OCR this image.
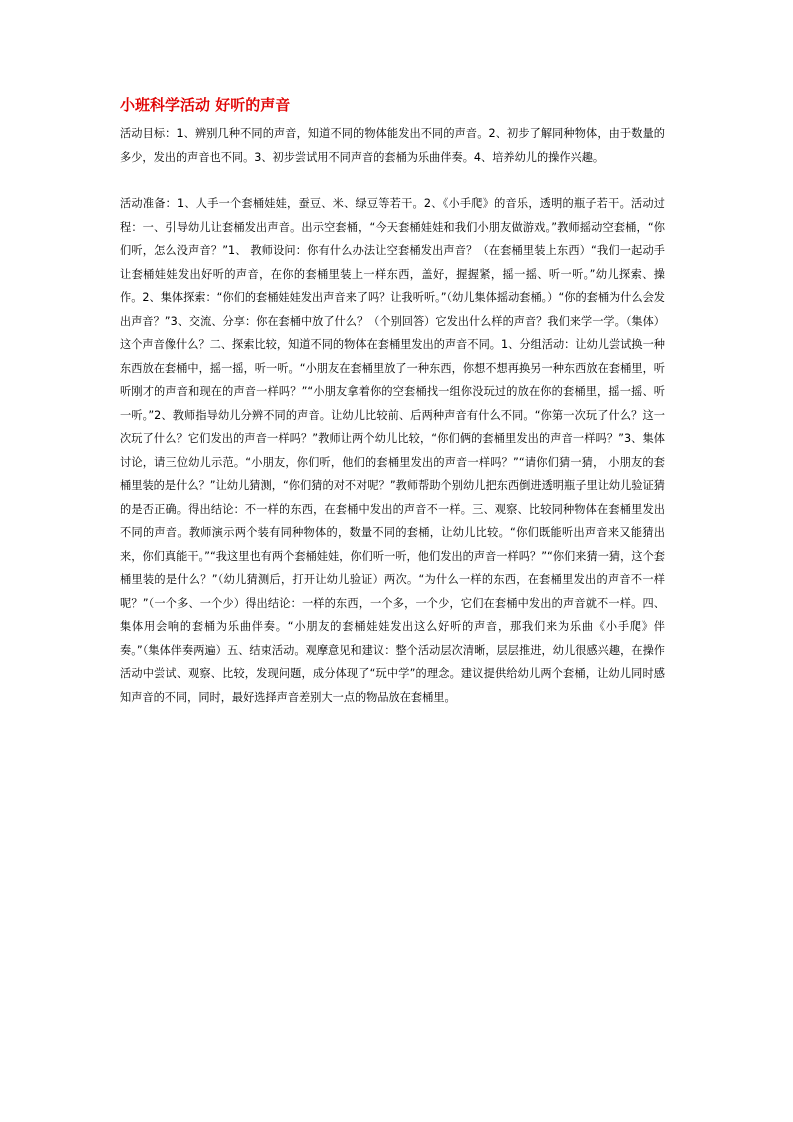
小班科学活动 好听的声音

活动目标：1、辨别几种不同的声音，知道不同的物体能发出不同的声音。2、初步了解同种物体，由于数量的多少，发出的声音也不同。3、初步尝试用不同声音的套桶为乐曲伴奏。4、培养幼儿的操作兴趣。

活动准备：1、人手一个套桶娃娃，蚕豆、米、绿豆等若干。2、《小手爬》的音乐，透明的瓶子若干。活动过程：一、引导幼儿让套桶发出声音。出示空套桶，“今天套桶娃娃和我们小朋友做游戏。”教师摇动空套桶，“你们听，怎么没声音？”1、 教师设问：你有什么办法让空套桶发出声音？（在套桶里装上东西）“我们一起动手让套桶娃娃发出好听的声音，在你的套桶里装上一样东西，盖好，握握紧，摇一摇、听一听。”幼儿探索、操作。2、集体探索：“你们的套桶娃娃发出声音来了吗？让我听听。”（幼儿集体摇动套桶。）“你的套桶为什么会发出声音？”3、交流、分享：你在套桶中放了什么？（个别回答）它发出什么样的声音？我们来学一学。（集体）这个声音像什么？二、探索比较，知道不同的物体在套桶里发出的声音不同。1、分组活动：让幼儿尝试换一种东西放在套桶中，摇一摇，听一听。“小朋友在套桶里放了一种东西，你想不想再换另一种东西放在套桶里，听听刚才的声音和现在的声音一样吗？”“小朋友拿着你的空套桶找一组你没玩过的放在你的套桶里，摇一摇、听一听。”2、教师指导幼儿分辨不同的声音。让幼儿比较前、后两种声音有什么不同。“你第一次玩了什么？这一次玩了什么？它们发出的声音一样吗？”教师让两个幼儿比较，“你们俩的套桶里发出的声音一样吗？”3、集体讨论，请三位幼儿示范。“小朋友，你们听，他们的套桶里发出的声音一样吗？”“请你们猜一猜， 小朋友的套桶里装的是什么？”让幼儿猜测，“你们猜的对不对呢？”教师帮助个别幼儿把东西倒进透明瓶子里让幼儿验证猜的是否正确。得出结论：不一样的东西，在套桶中发出的声音不一样。三、观察、比较同种物体在套桶里发出不同的声音。教师演示两个装有同种物体的，数量不同的套桶，让幼儿比较。“你们既能听出声音来又能猜出来，你们真能干。”“我这里也有两个套桶娃娃，你们听一听，他们发出的声音一样吗？”“你们来猜一猜，这个套桶里装的是什么？”（幼儿猜测后，打开让幼儿验证）两次。“为什么一样的东西，在套桶里发出的声音不一样呢？”（一个多、一个少）得出结论：一样的东西，一个多，一个少，它们在套桶中发出的声音就不一样。四、集体用会响的套桶为乐曲伴奏。“小朋友的套桶娃娃发出这么好听的声音，那我们来为乐曲《小手爬》伴奏。”（集体伴奏两遍）五、结束活动。观摩意见和建议：整个活动层次清晰，层层推进，幼儿很感兴趣，在操作活动中尝试、观察、比较，发现问题，成分体现了“玩中学”的理念。建议提供给幼儿两个套桶，让幼儿同时感知声音的不同，同时，最好选择声音差别大一点的物品放在套桶里。
